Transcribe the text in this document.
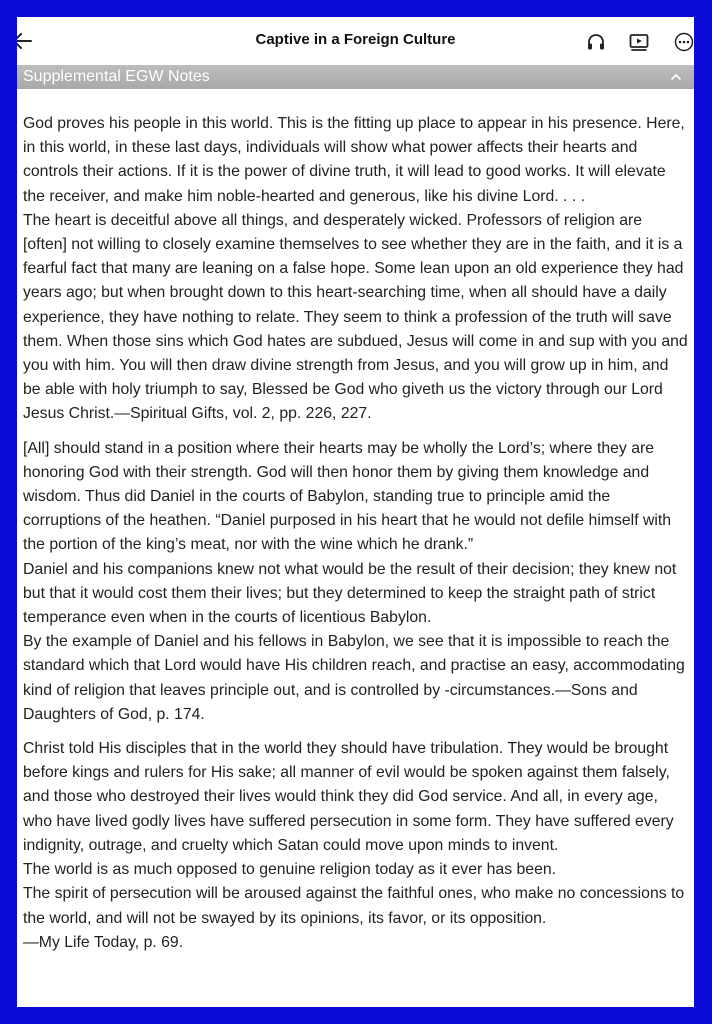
Captive in a Foreign Culture
Supplemental EGW Notes

God proves his people in this world. This is the fitting up place to appear in his presence. Here, in this world, in these last days, individuals will show what power affects their hearts and controls their actions. If it is the power of divine truth, it will lead to good works. It will elevate the receiver, and make him noble-hearted and generous, like his divine Lord. . . .
The heart is deceitful above all things, and desperately wicked. Professors of religion are [often] not willing to closely examine themselves to see whether they are in the faith, and it is a fearful fact that many are leaning on a false hope. Some lean upon an old experience they had years ago; but when brought down to this heart-searching time, when all should have a daily experience, they have nothing to relate. They seem to think a profession of the truth will save them. When those sins which God hates are subdued, Jesus will come in and sup with you and you with him. You will then draw divine strength from Jesus, and you will grow up in him, and be able with holy triumph to say, Blessed be God who giveth us the victory through our Lord Jesus Christ.—Spiritual Gifts, vol. 2, pp. 226, 227.

[All] should stand in a position where their hearts may be wholly the Lord’s; where they are honoring God with their strength. God will then honor them by giving them knowledge and wisdom. Thus did Daniel in the courts of Babylon, standing true to principle amid the corruptions of the heathen. “Daniel purposed in his heart that he would not defile himself with the portion of the king’s meat, nor with the wine which he drank.”
Daniel and his companions knew not what would be the result of their decision; they knew not but that it would cost them their lives; but they determined to keep the straight path of strict temperance even when in the courts of licentious Babylon.
By the example of Daniel and his fellows in Babylon, we see that it is impossible to reach the standard which that Lord would have His children reach, and practise an easy, accommodating kind of religion that leaves principle out, and is controlled by -circumstances.—Sons and Daughters of God, p. 174.

Christ told His disciples that in the world they should have tribulation. They would be brought before kings and rulers for His sake; all manner of evil would be spoken against them falsely, and those who destroyed their lives would think they did God service. And all, in every age, who have lived godly lives have suffered persecution in some form. They have suffered every indignity, outrage, and cruelty which Satan could move upon minds to invent.
The world is as much opposed to genuine religion today as it ever has been.
The spirit of persecution will be aroused against the faithful ones, who make no concessions to the world, and will not be swayed by its opinions, its favor, or its opposition.
—My Life Today, p. 69.
